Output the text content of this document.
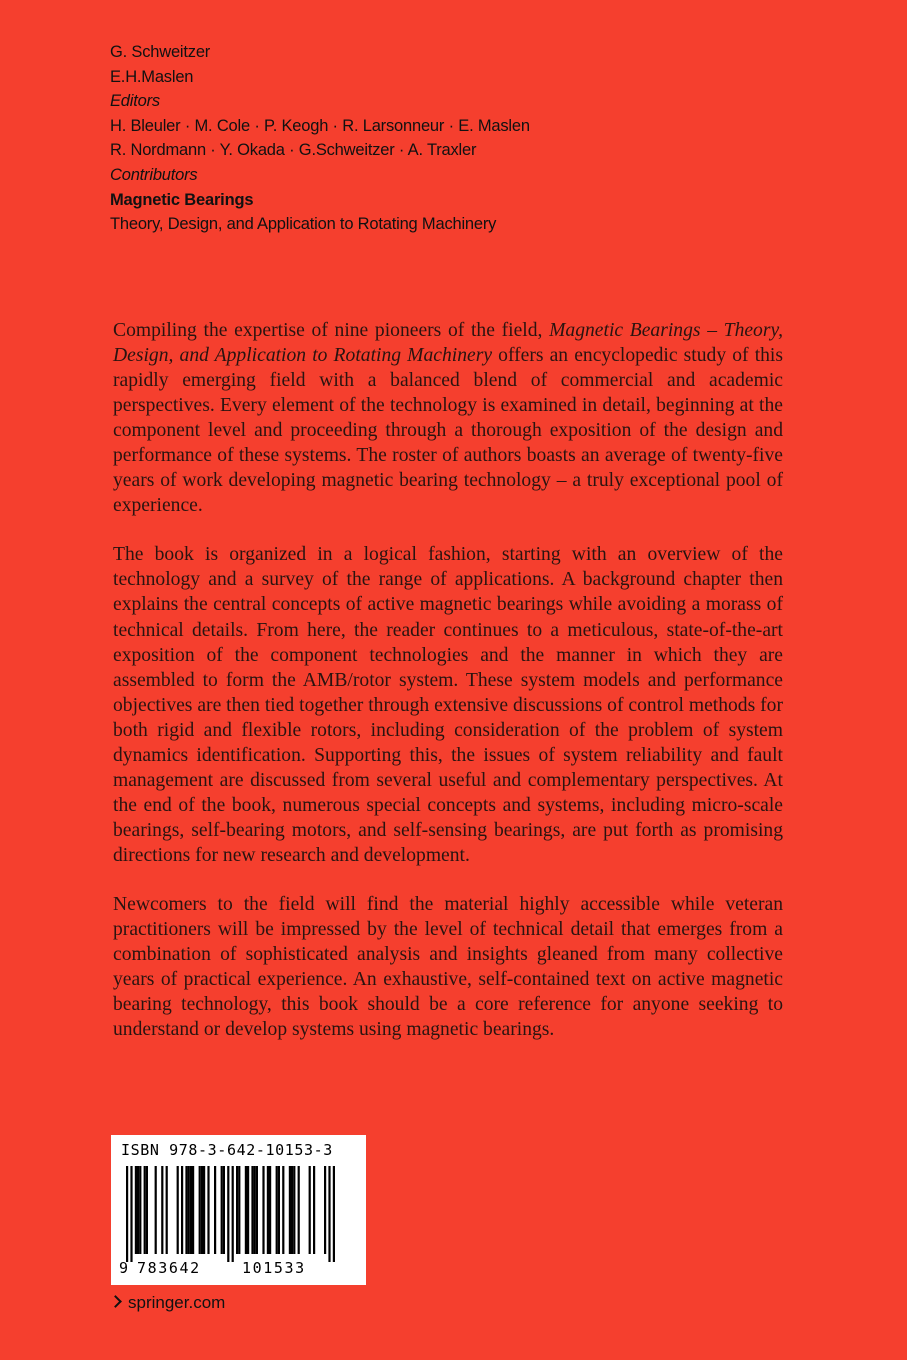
G. Schweitzer
E.H.Maslen
Editors
H. Bleuler · M. Cole · P. Keogh · R. Larsonneur · E. Maslen
R. Nordmann · Y. Okada · G.Schweitzer · A. Traxler
Contributors
Magnetic Bearings
Theory, Design, and Application to Rotating Machinery

Compiling the expertise of nine pioneers of the field, Magnetic Bearings – Theory, Design, and Application to Rotating Machinery offers an encyclopedic study of this rapidly emerging field with a balanced blend of commercial and academic perspectives. Every element of the technology is examined in detail, beginning at the component level and proceeding through a thorough exposition of the design and performance of these systems. The roster of authors boasts an average of twenty-five years of work developing magnetic bearing technology – a truly exceptional pool of experience.

The book is organized in a logical fashion, starting with an overview of the technology and a survey of the range of applications. A background chapter then explains the central concepts of active magnetic bearings while avoiding a morass of technical details. From here, the reader continues to a meticulous, state-of-the-art exposition of the component technologies and the manner in which they are assembled to form the AMB/rotor system. These system models and performance objectives are then tied together through extensive discussions of control methods for both rigid and flexible rotors, including consideration of the problem of system dynamics identification. Supporting this, the issues of system reliability and fault management are discussed from several useful and complementary perspectives. At the end of the book, numerous special concepts and systems, including micro-scale bearings, self-bearing motors, and self-sensing bearings, are put forth as promising directions for new research and development.

Newcomers to the field will find the material highly accessible while veteran practitioners will be impressed by the level of technical detail that emerges from a combination of sophisticated analysis and insights gleaned from many collective years of practical experience. An exhaustive, self-contained text on active magnetic bearing technology, this book should be a core reference for anyone seeking to understand or develop systems using magnetic bearings.

ISBN 978-3-642-10153-3
9 783642	101533
springer.com
